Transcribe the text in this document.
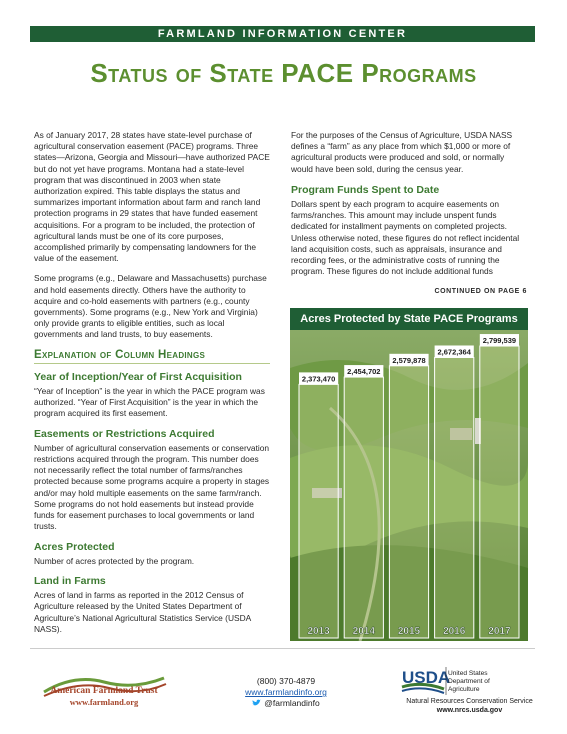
FARMLAND INFORMATION CENTER
Status of State PACE Programs

As of January 2017, 28 states have state-level purchase of agricultural conservation easement (PACE) programs. Three states—Arizona, Georgia and Missouri—have authorized PACE but do not yet have programs. Montana had a state-level program that was discontinued in 2003 when state authorization expired. This table displays the status and summarizes important information about farm and ranch land protection programs in 29 states that have funded easement acquisitions. For a program to be included, the protection of agricultural lands must be one of its core purposes, accomplished primarily by compensating landowners for the value of the easement.

Some programs (e.g., Delaware and Massachusetts) purchase and hold easements directly. Others have the authority to acquire and co-hold easements with partners (e.g., county governments). Some programs (e.g., New York and Virginia) only provide grants to eligible entities, such as local governments and land trusts, to buy easements.

Explanation of Column Headings
Year of Inception/Year of First Acquisition

“Year of Inception” is the year in which the PACE program was authorized. “Year of First Acquisition” is the year in which the program acquired its first easement.

Easements or Restrictions Acquired

Number of agricultural conservation easements or conservation restrictions acquired through the program. This number does not necessarily reflect the total number of farms/ranches protected because some programs acquire a property in stages and/or may hold multiple easements on the same farm/ranch. Some programs do not hold easements but instead provide funds for easement purchases to local governments or land trusts.

Acres Protected

Number of acres protected by the program.

Land in Farms

Acres of land in farms as reported in the 2012 Census of Agriculture released by the United States Department of Agriculture’s National Agricultural Statistics Service (USDA NASS).

For the purposes of the Census of Agriculture, USDA NASS defines a “farm” as any place from which $1,000 or more of agricultural products were produced and sold, or normally would have been sold, during the census year.

Program Funds Spent to Date

Dollars spent by each program to acquire easements on farms/ranches. This amount may include unspent funds dedicated for installment payments on completed projects. Unless otherwise noted, these figures do not reflect incidental land acquisition costs, such as appraisals, insurance and recording fees, or the administrative costs of running the program. These figures do not include additional funds

CONTINUED ON PAGE 6
Acres Protected by State PACE Programs
2,373,470
2013
2,454,702
2014
2,579,878
2015
2,672,364
2016
2,799,539
2017
American Farmland Trust
www.farmland.org
(800) 370-4879
www.farmlandinfo.org
@farmlandinfo
USDA
United States
Department of
Agriculture
Natural Resources Conservation Service
www.nrcs.usda.gov
